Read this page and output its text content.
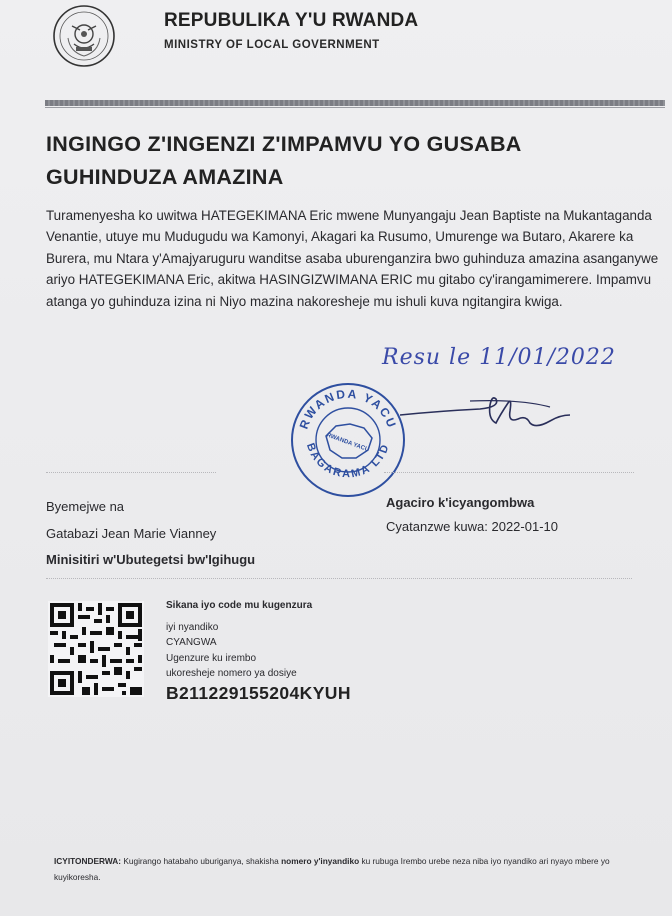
REPUBULIKA Y'U RWANDA
MINISTRY OF LOCAL GOVERNMENT
INGINGO Z'INGENZI Z'IMPAMVU YO GUSABA
GUHINDUZA AMAZINA
Turamenyesha ko uwitwa HATEGEKIMANA Eric mwene Munyangaju Jean Baptiste na Mukantaganda Venantie, utuye mu Mudugudu wa Kamonyi, Akagari ka Rusumo, Umurenge wa Butaro, Akarere ka Burera, mu Ntara y'Amajyaruguru wanditse asaba uburenganzira bwo guhinduza amazina asanganywe ariyo HATEGEKIMANA Eric, akitwa HASINGIZWIMANA ERIC mu gitabo cy'irangamimerere. Impamvu atanga yo guhinduza izina ni Niyo mazina nakoresheje mu ishuli kuva ngitangira kwiga.
Resu le 11/01/2022
RWANDA YACU
BAGARAMA LTD
RWANDA YACU
Byemejwe na
Gatabazi Jean Marie Vianney
Minisitiri w'Ubutegetsi bw'Igihugu
Agaciro k'icyangombwa
Cyatanzwe kuwa: 2022-01-10
Sikana iyo code mu kugenzura
iyi nyandiko
CYANGWA
Ugenzure ku irembo
ukoresheje nomero ya dosiye
B211229155204KYUH
ICYITONDERWA: Kugirango hatabaho uburiganya, shakisha nomero y'inyandiko ku rubuga Irembo urebe neza niba iyo nyandiko ari nyayo mbere yo kuyikoresha.
